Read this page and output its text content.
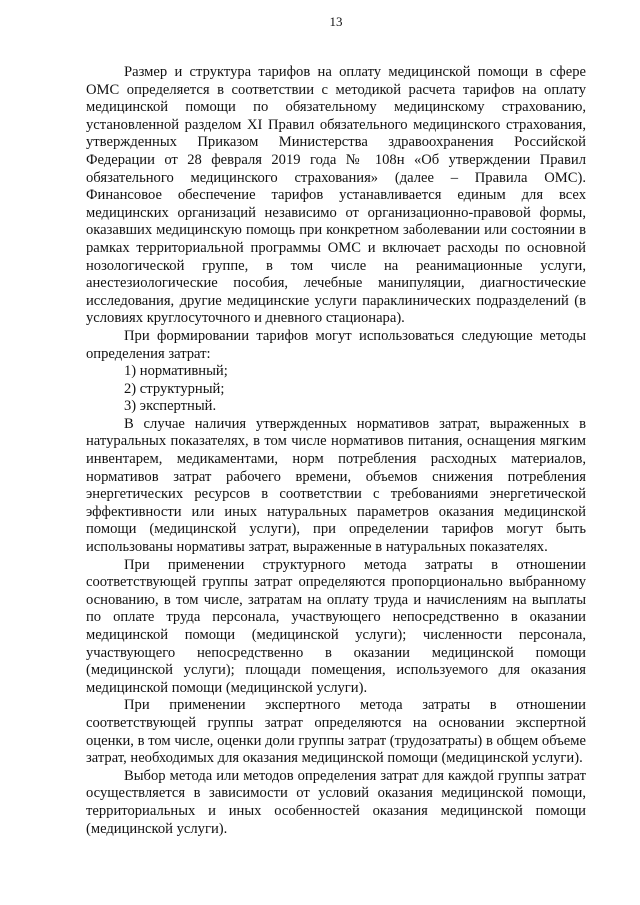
13

Размер и структура тарифов на оплату медицинской помощи в сфере ОМС определяется в соответствии с методикой расчета тарифов на оплату медицинской помощи по обязательному медицинскому страхованию, установленной разделом XI Правил обязательного медицинского страхования, утвержденных Приказом Министерства здравоохранения Российской Федерации от 28 февраля 2019 года № 108н «Об утверждении Правил обязательного медицинского страхования» (далее – Правила ОМС). Финансовое обеспечение тарифов устанавливается единым для всех медицинских организаций независимо от организационно-правовой формы, оказавших медицинскую помощь при конкретном заболевании или состоянии в рамках территориальной программы ОМС и включает расходы по основной нозологической группе, в том числе на реанимационные услуги, анестезиологические пособия, лечебные манипуляции, диагностические исследования, другие медицинские услуги параклинических подразделений (в условиях круглосуточного и дневного стационара).

При формировании тарифов могут использоваться следующие методы определения затрат:

1) нормативный;

2) структурный;

3) экспертный.

В случае наличия утвержденных нормативов затрат, выраженных в натуральных показателях, в том числе нормативов питания, оснащения мягким инвентарем, медикаментами, норм потребления расходных материалов, нормативов затрат рабочего времени, объемов снижения потребления энергетических ресурсов в соответствии с требованиями энергетической эффективности или иных натуральных параметров оказания медицинской помощи (медицинской услуги), при определении тарифов могут быть использованы нормативы затрат, выраженные в натуральных показателях.

При применении структурного метода затраты в отношении соответствующей группы затрат определяются пропорционально выбранному основанию, в том числе, затратам на оплату труда и начислениям на выплаты по оплате труда персонала, участвующего непосредственно в оказании медицинской помощи (медицинской услуги); численности персонала, участвующего непосредственно в оказании медицинской помощи (медицинской услуги); площади помещения, используемого для оказания медицинской помощи (медицинской услуги).

При применении экспертного метода затраты в отношении соответствующей группы затрат определяются на основании экспертной оценки, в том числе, оценки доли группы затрат (трудозатраты) в общем объеме затрат, необходимых для оказания медицинской помощи (медицинской услуги).

Выбор метода или методов определения затрат для каждой группы затрат осуществляется в зависимости от условий оказания медицинской помощи, территориальных и иных особенностей оказания медицинской помощи (медицинской услуги).
